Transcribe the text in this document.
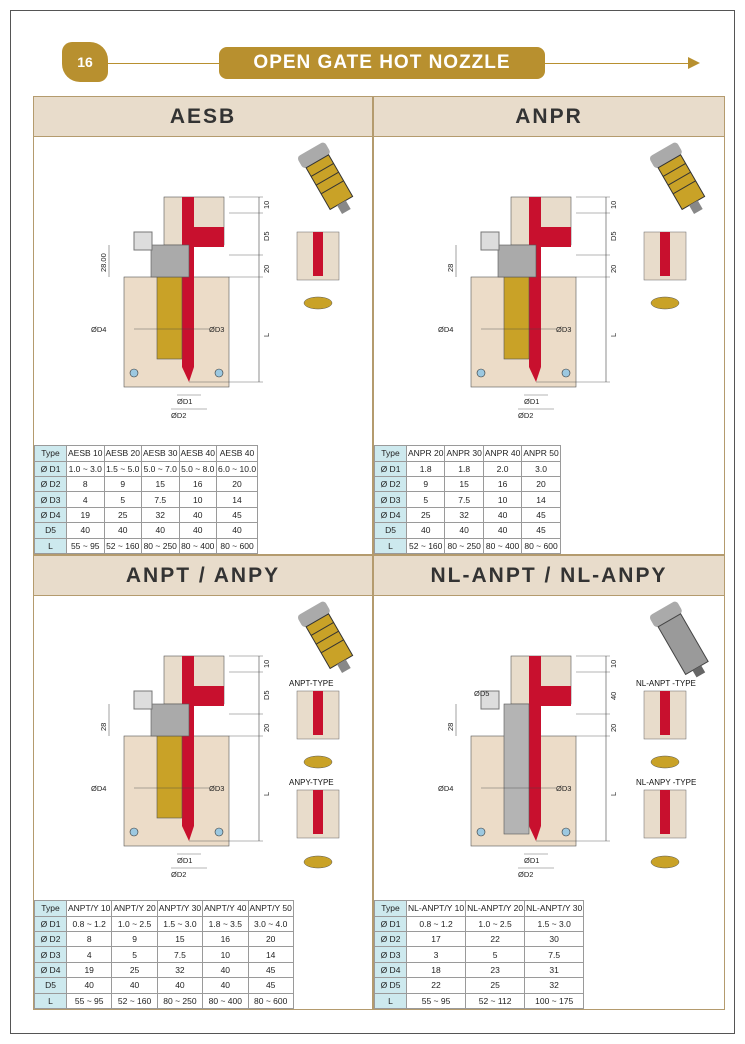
16	OPEN GATE HOT NOZZLE
AESB
10
D5
20
L
28.00
ØD4	ØD3
ØD1
ØD2
Type	AESB 10	AESB 20	AESB 30	AESB 40	AESB 40
Ø D1	1.0 ~ 3.0	1.5 ~ 5.0	5.0 ~ 7.0	5.0 ~ 8.0	6.0 ~ 10.0
Ø D2	8	9	15	16	20
Ø D3	4	5	7.5	10	14
Ø D4	19	25	32	40	45
D5	40	40	40	40	40
L	55 ~ 95	52 ~ 160	80 ~ 250	80 ~ 400	80 ~ 600
ANPR
10
D5
20
L
28
ØD4	ØD3
ØD1
ØD2
Type	ANPR 20	ANPR 30	ANPR 40	ANPR 50
Ø D1	1.8	1.8	2.0	3.0
Ø D2	9	15	16	20
Ø D3	5	7.5	10	14
Ø D4	25	32	40	45
D5	40	40	40	45
L	52 ~ 160	80 ~ 250	80 ~ 400	80 ~ 600
ANPT / ANPY
10
D5
20
L
28
ØD4	ØD3
ØD1
ØD2
ANPT-TYPE
ANPY-TYPE
Type	ANPT/Y 10	ANPT/Y 20	ANPT/Y 30	ANPT/Y 40	ANPT/Y 50
Ø D1	0.8 ~ 1.2	1.0 ~ 2.5	1.5 ~ 3.0	1.8 ~ 3.5	3.0 ~ 4.0
Ø D2	8	9	15	16	20
Ø D3	4	5	7.5	10	14
Ø D4	19	25	32	40	45
D5	40	40	40	40	45
L	55 ~ 95	52 ~ 160	80 ~ 250	80 ~ 400	80 ~ 600
NL-ANPT / NL-ANPY
10
40
20
L
28
ØD4	ØD3
ØD1
ØD2
ØD5
NL-ANPT -TYPE
NL-ANPY -TYPE
Type	NL-ANPT/Y 10	NL-ANPT/Y 20	NL-ANPT/Y 30
Ø D1	0.8 ~ 1.2	1.0 ~ 2.5	1.5 ~ 3.0
Ø D2	17	22	30
Ø D3	3	5	7.5
Ø D4	18	23	31
Ø D5	22	25	32
L	55 ~ 95	52 ~ 112	100 ~ 175
